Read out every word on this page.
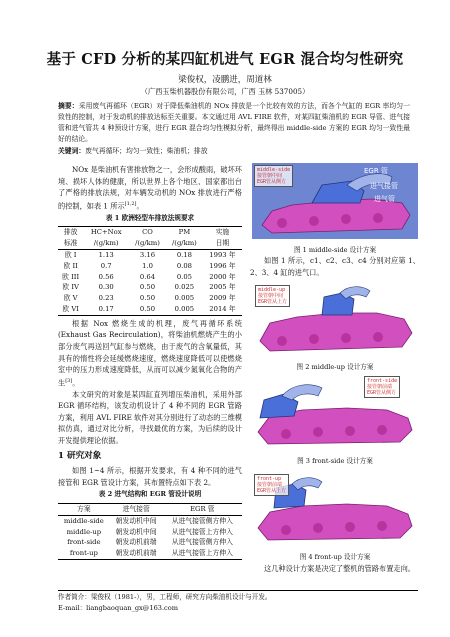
基于 CFD 分析的某四缸机进气 EGR 混合均匀性研究
梁俊权，凌鹏进，周道林
（广西玉柴机器股份有限公司，广西 玉林 537005）
摘要：采用废气再循环（EGR）对于降低柴油机的 NOx 排放是一个比较有效的方法，而各个气缸的 EGR 率均匀一致性的控制，对于发动机的排放达标至关重要。本文通过用 AVL FIRE 软件，对某四缸柴油机的 EGR 导管、进气接管和进气管共 4 种预设计方案，进行 EGR 混合均匀性模拟分析，最终得出 middle-side 方案的 EGR 均匀一致性最好的结论。
关键词：废气再循环；均匀一致性；柴油机；排放
NOx 是柴油机有害排放物之一，会形成酸雨，破坏环境、损坏人体的健康，所以世界上各个地区、国家都出台了严格的排放法规，对车辆发动机的 NOx 排放进行严格的控制，如表 1 所示[1,2]。
表 1 欧洲轻型车排放法规要求
排放	HC+Nox	CO	PM	实施
标准	/(g/km)	/(g/km)	/(g/km)	日期
欧 I	1.13	3.16	0.18	1993 年
欧 II	0.7	1.0	0.08	1996 年
欧 III	0.56	0.64	0.05	2000 年
欧 IV	0.30	0.50	0.025	2005 年
欧 V	0.23	0.50	0.005	2009 年
欧 VI	0.17	0.50	0.005	2014 年
根据 Nox 燃烧生成的机理，废气再循环系统(Exhaust Gas Recirculation)，将柴油机燃烧产生的小部分废气再送回气缸参与燃烧，由于废气的含氧量低，其具有的惰性将会延缓燃烧速度，燃烧速度降低可以使燃烧室中的压力形成速度降低，从而可以减少氮氧化合物的产生[3]。
本文研究的对象是某四缸直列增压柴油机，采用外部 EGR 循环结构，该发动机设计了 4 种不同的 EGR 管路方案，利用 AVL FIRE 软件对其分别进行了动态的三维模拟仿真，通过对比分析，寻找最优的方案，为后续的设计开发提供理论依据。
1 研究对象
如图 1~4 所示，根据开发要求，有 4 种不同的进气接管和 EGR 管设计方案，其布置特点如下表 2。
表 2 进气结构和 EGR 管设计说明
方案	进气接管	EGR 管
middle-side	朝发动机中间	从进气接管侧方伸入
middle-up	朝发动机中间	从进气接管上方伸入
front-side	朝发动机前端	从进气接管侧方伸入
front-up	朝发动机前端	从进气接管上方伸入
middle-side
接管朝中间
EGR管从侧方
EGR 管
进气接管
进气管
图 1 middle-side 设计方案
如图 1 所示，c1、c2、c3、c4 分别对应第 1、2、3、4 缸的进气口。
middle-up
接管朝中间
EGR管从上方
图 2 middle-up 设计方案
front-side
接管朝前端
EGR管从侧方
图 3 front-side 设计方案
front-up
接管朝前端
EGR管从上方
图 4 front-up 设计方案
这几种设计方案是决定了整机的管路布置走向。
作者简介：梁俊权（1981-），男，工程师，研究方向柴油机设计与开发。
E-mail：liangbaoquan_gx@163.com
